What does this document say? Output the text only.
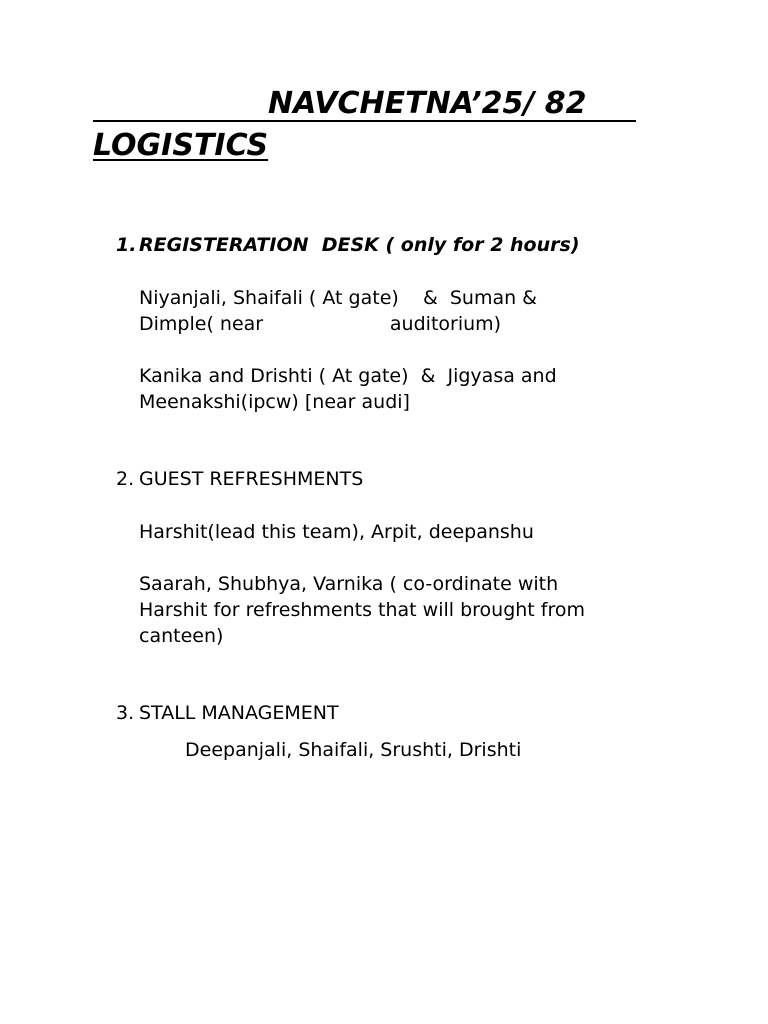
NAVCHETNA’25/ 82
LOGISTICS
1. REGISTERATION  DESK ( only for 2 hours)
Niyanjali, Shaifali ( At gate)    &  Suman &
Dimple( near                     auditorium)
Kanika and Drishti ( At gate)  &  Jigyasa and
Meenakshi(ipcw) [near audi]
2. GUEST REFRESHMENTS
Harshit(lead this team), Arpit, deepanshu
Saarah, Shubhya, Varnika ( co-ordinate with
Harshit for refreshments that will brought from
canteen)
3. STALL MANAGEMENT
Deepanjali, Shaifali, Srushti, Drishti
